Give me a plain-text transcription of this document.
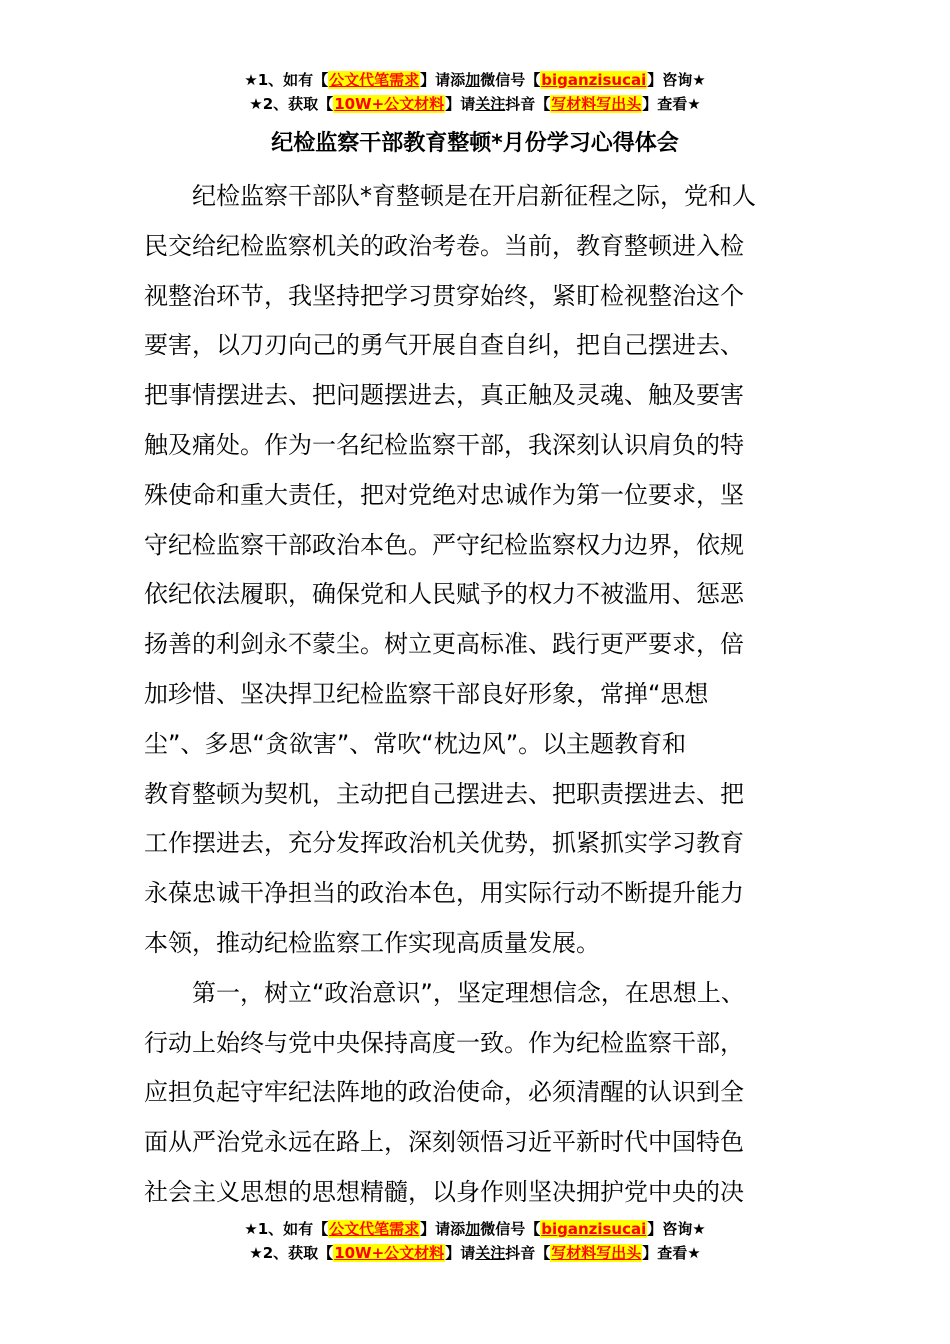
★1、如有【公文代笔需求】请添加微信号【biganzisucai】咨询★
★2、获取【10W+公文材料】请关注抖音【写材料写出头】查看★
纪检监察干部教育整顿*月份学习心得体会
纪检监察干部队*育整顿是在开启新征程之际，党和人
民交给纪检监察机关的政治考卷。当前，教育整顿进入检
视整治环节，我坚持把学习贯穿始终，紧盯检视整治这个
要害，以刀刃向己的勇气开展自查自纠，把自己摆进去、
把事情摆进去、把问题摆进去，真正触及灵魂、触及要害
触及痛处。作为一名纪检监察干部，我深刻认识肩负的特
殊使命和重大责任，把对党绝对忠诚作为第一位要求，坚
守纪检监察干部政治本色。严守纪检监察权力边界，依规
依纪依法履职，确保党和人民赋予的权力不被滥用、惩恶
扬善的利剑永不蒙尘。树立更高标准、践行更严要求，倍
加珍惜、坚决捍卫纪检监察干部良好形象，常掸“思想
尘”、多思“贪欲害”、常吹“枕边风”。以主题教育和
教育整顿为契机，主动把自己摆进去、把职责摆进去、把
工作摆进去，充分发挥政治机关优势，抓紧抓实学习教育
永葆忠诚干净担当的政治本色，用实际行动不断提升能力
本领，推动纪检监察工作实现高质量发展。
第一，树立“政治意识”，坚定理想信念，在思想上、
行动上始终与党中央保持高度一致。作为纪检监察干部，
应担负起守牢纪法阵地的政治使命，必须清醒的认识到全
面从严治党永远在路上，深刻领悟习近平新时代中国特色
社会主义思想的思想精髓，以身作则坚决拥护党中央的决
★1、如有【公文代笔需求】请添加微信号【biganzisucai】咨询★
★2、获取【10W+公文材料】请关注抖音【写材料写出头】查看★
